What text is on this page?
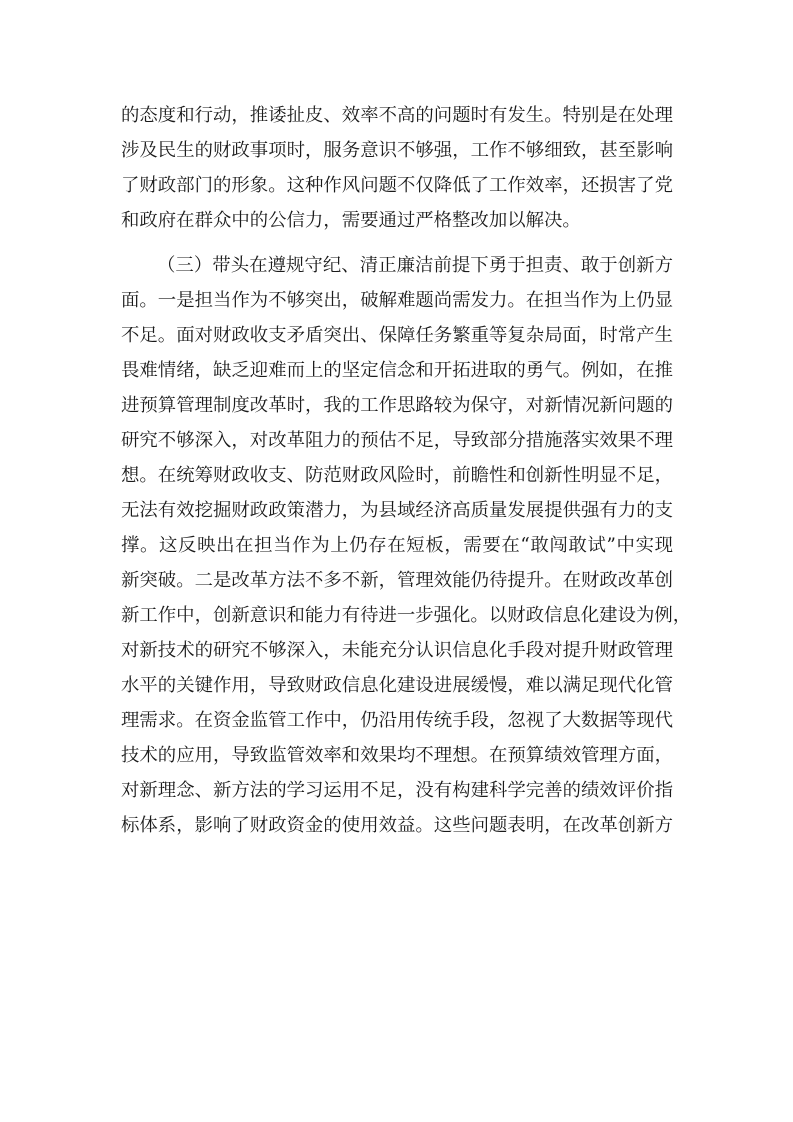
的态度和行动，推诿扯皮、效率不高的问题时有发生。特别是在处理
涉及民生的财政事项时，服务意识不够强，工作不够细致，甚至影响
了财政部门的形象。这种作风问题不仅降低了工作效率，还损害了党
和政府在群众中的公信力，需要通过严格整改加以解决。
（三）带头在遵规守纪、清正廉洁前提下勇于担责、敢于创新方
面。一是担当作为不够突出，破解难题尚需发力。在担当作为上仍显
不足。面对财政收支矛盾突出、保障任务繁重等复杂局面，时常产生
畏难情绪，缺乏迎难而上的坚定信念和开拓进取的勇气。例如，在推
进预算管理制度改革时，我的工作思路较为保守，对新情况新问题的
研究不够深入，对改革阻力的预估不足，导致部分措施落实效果不理
想。在统筹财政收支、防范财政风险时，前瞻性和创新性明显不足，
无法有效挖掘财政政策潜力，为县域经济高质量发展提供强有力的支
撑。这反映出在担当作为上仍存在短板，需要在“敢闯敢试”中实现
新突破。二是改革方法不多不新，管理效能仍待提升。在财政改革创
新工作中，创新意识和能力有待进一步强化。以财政信息化建设为例，
对新技术的研究不够深入，未能充分认识信息化手段对提升财政管理
水平的关键作用，导致财政信息化建设进展缓慢，难以满足现代化管
理需求。在资金监管工作中，仍沿用传统手段，忽视了大数据等现代
技术的应用，导致监管效率和效果均不理想。在预算绩效管理方面，
对新理念、新方法的学习运用不足，没有构建科学完善的绩效评价指
标体系，影响了财政资金的使用效益。这些问题表明，在改革创新方
